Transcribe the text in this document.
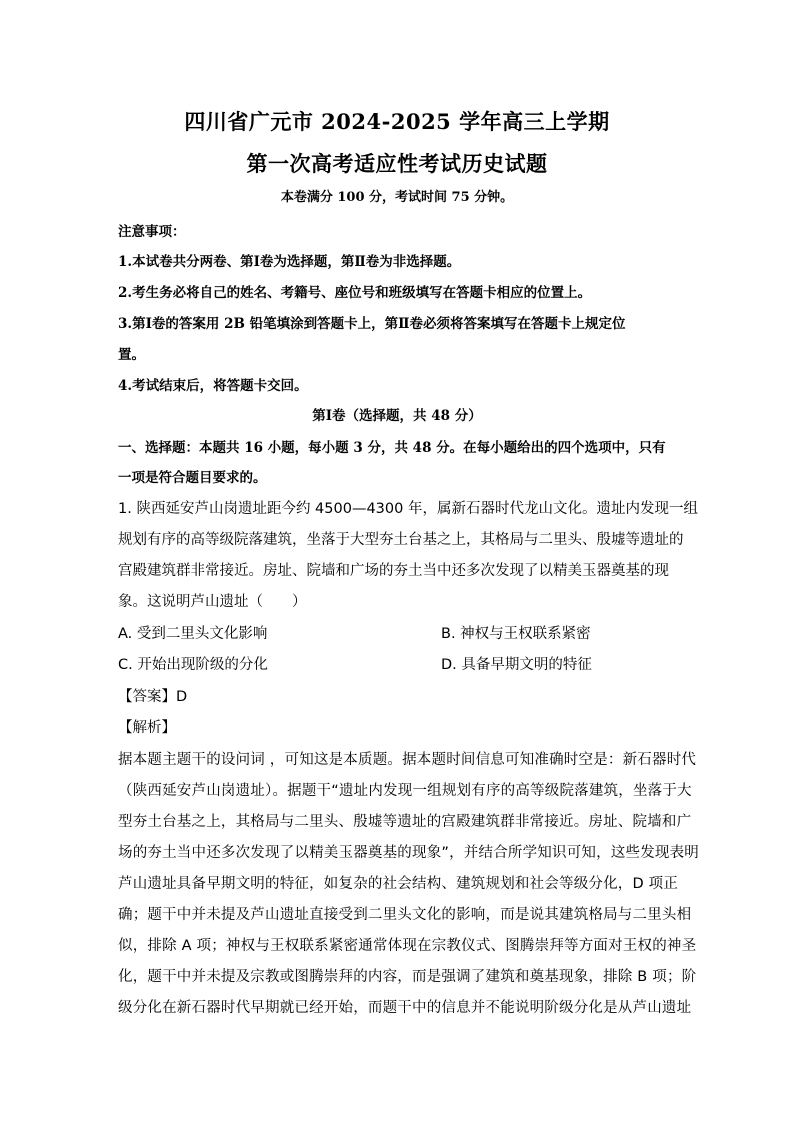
四川省广元市 2024-2025 学年高三上学期
第一次高考适应性考试历史试题
本卷满分 100 分，考试时间 75 分钟。
注意事项：
1.本试卷共分两卷、第Ⅰ卷为选择题，第Ⅱ卷为非选择题。
2.考生务必将自己的姓名、考籍号、座位号和班级填写在答题卡相应的位置上。
3.第Ⅰ卷的答案用 2B 铅笔填涂到答题卡上，第Ⅱ卷必须将答案填写在答题卡上规定位
置。
4.考试结束后，将答题卡交回。
第Ⅰ卷（选择题，共 48 分）
一、选择题：本题共 16 小题，每小题 3 分，共 48 分。在每小题给出的四个选项中，只有
一项是符合题目要求的。
1. 陕西延安芦山岗遗址距今约 4500—4300 年，属新石器时代龙山文化。遗址内发现一组
规划有序的高等级院落建筑，坐落于大型夯土台基之上，其格局与二里头、殷墟等遗址的
宫殿建筑群非常接近。房址、院墙和广场的夯土当中还多次发现了以精美玉器奠基的现
象。这说明芦山遗址（　　）
A. 受到二里头文化影响	B. 神权与王权联系紧密
C. 开始出现阶级的分化	D. 具备早期文明的特征
【答案】D
【解析】
据本题主题干的设问词 ，可知这是本质题。据本题时间信息可知准确时空是：新石器时代
（陕西延安芦山岗遗址）。据题干“遗址内发现一组规划有序的高等级院落建筑，坐落于大
型夯土台基之上，其格局与二里头、殷墟等遗址的宫殿建筑群非常接近。房址、院墙和广
场的夯土当中还多次发现了以精美玉器奠基的现象”，并结合所学知识可知，这些发现表明
芦山遗址具备早期文明的特征，如复杂的社会结构、建筑规划和社会等级分化，D 项正
确；题干中并未提及芦山遗址直接受到二里头文化的影响，而是说其建筑格局与二里头相
似，排除 A 项；神权与王权联系紧密通常体现在宗教仪式、图腾崇拜等方面对王权的神圣
化，题干中并未提及宗教或图腾崇拜的内容，而是强调了建筑和奠基现象，排除 B 项；阶
级分化在新石器时代早期就已经开始，而题干中的信息并不能说明阶级分化是从芦山遗址
